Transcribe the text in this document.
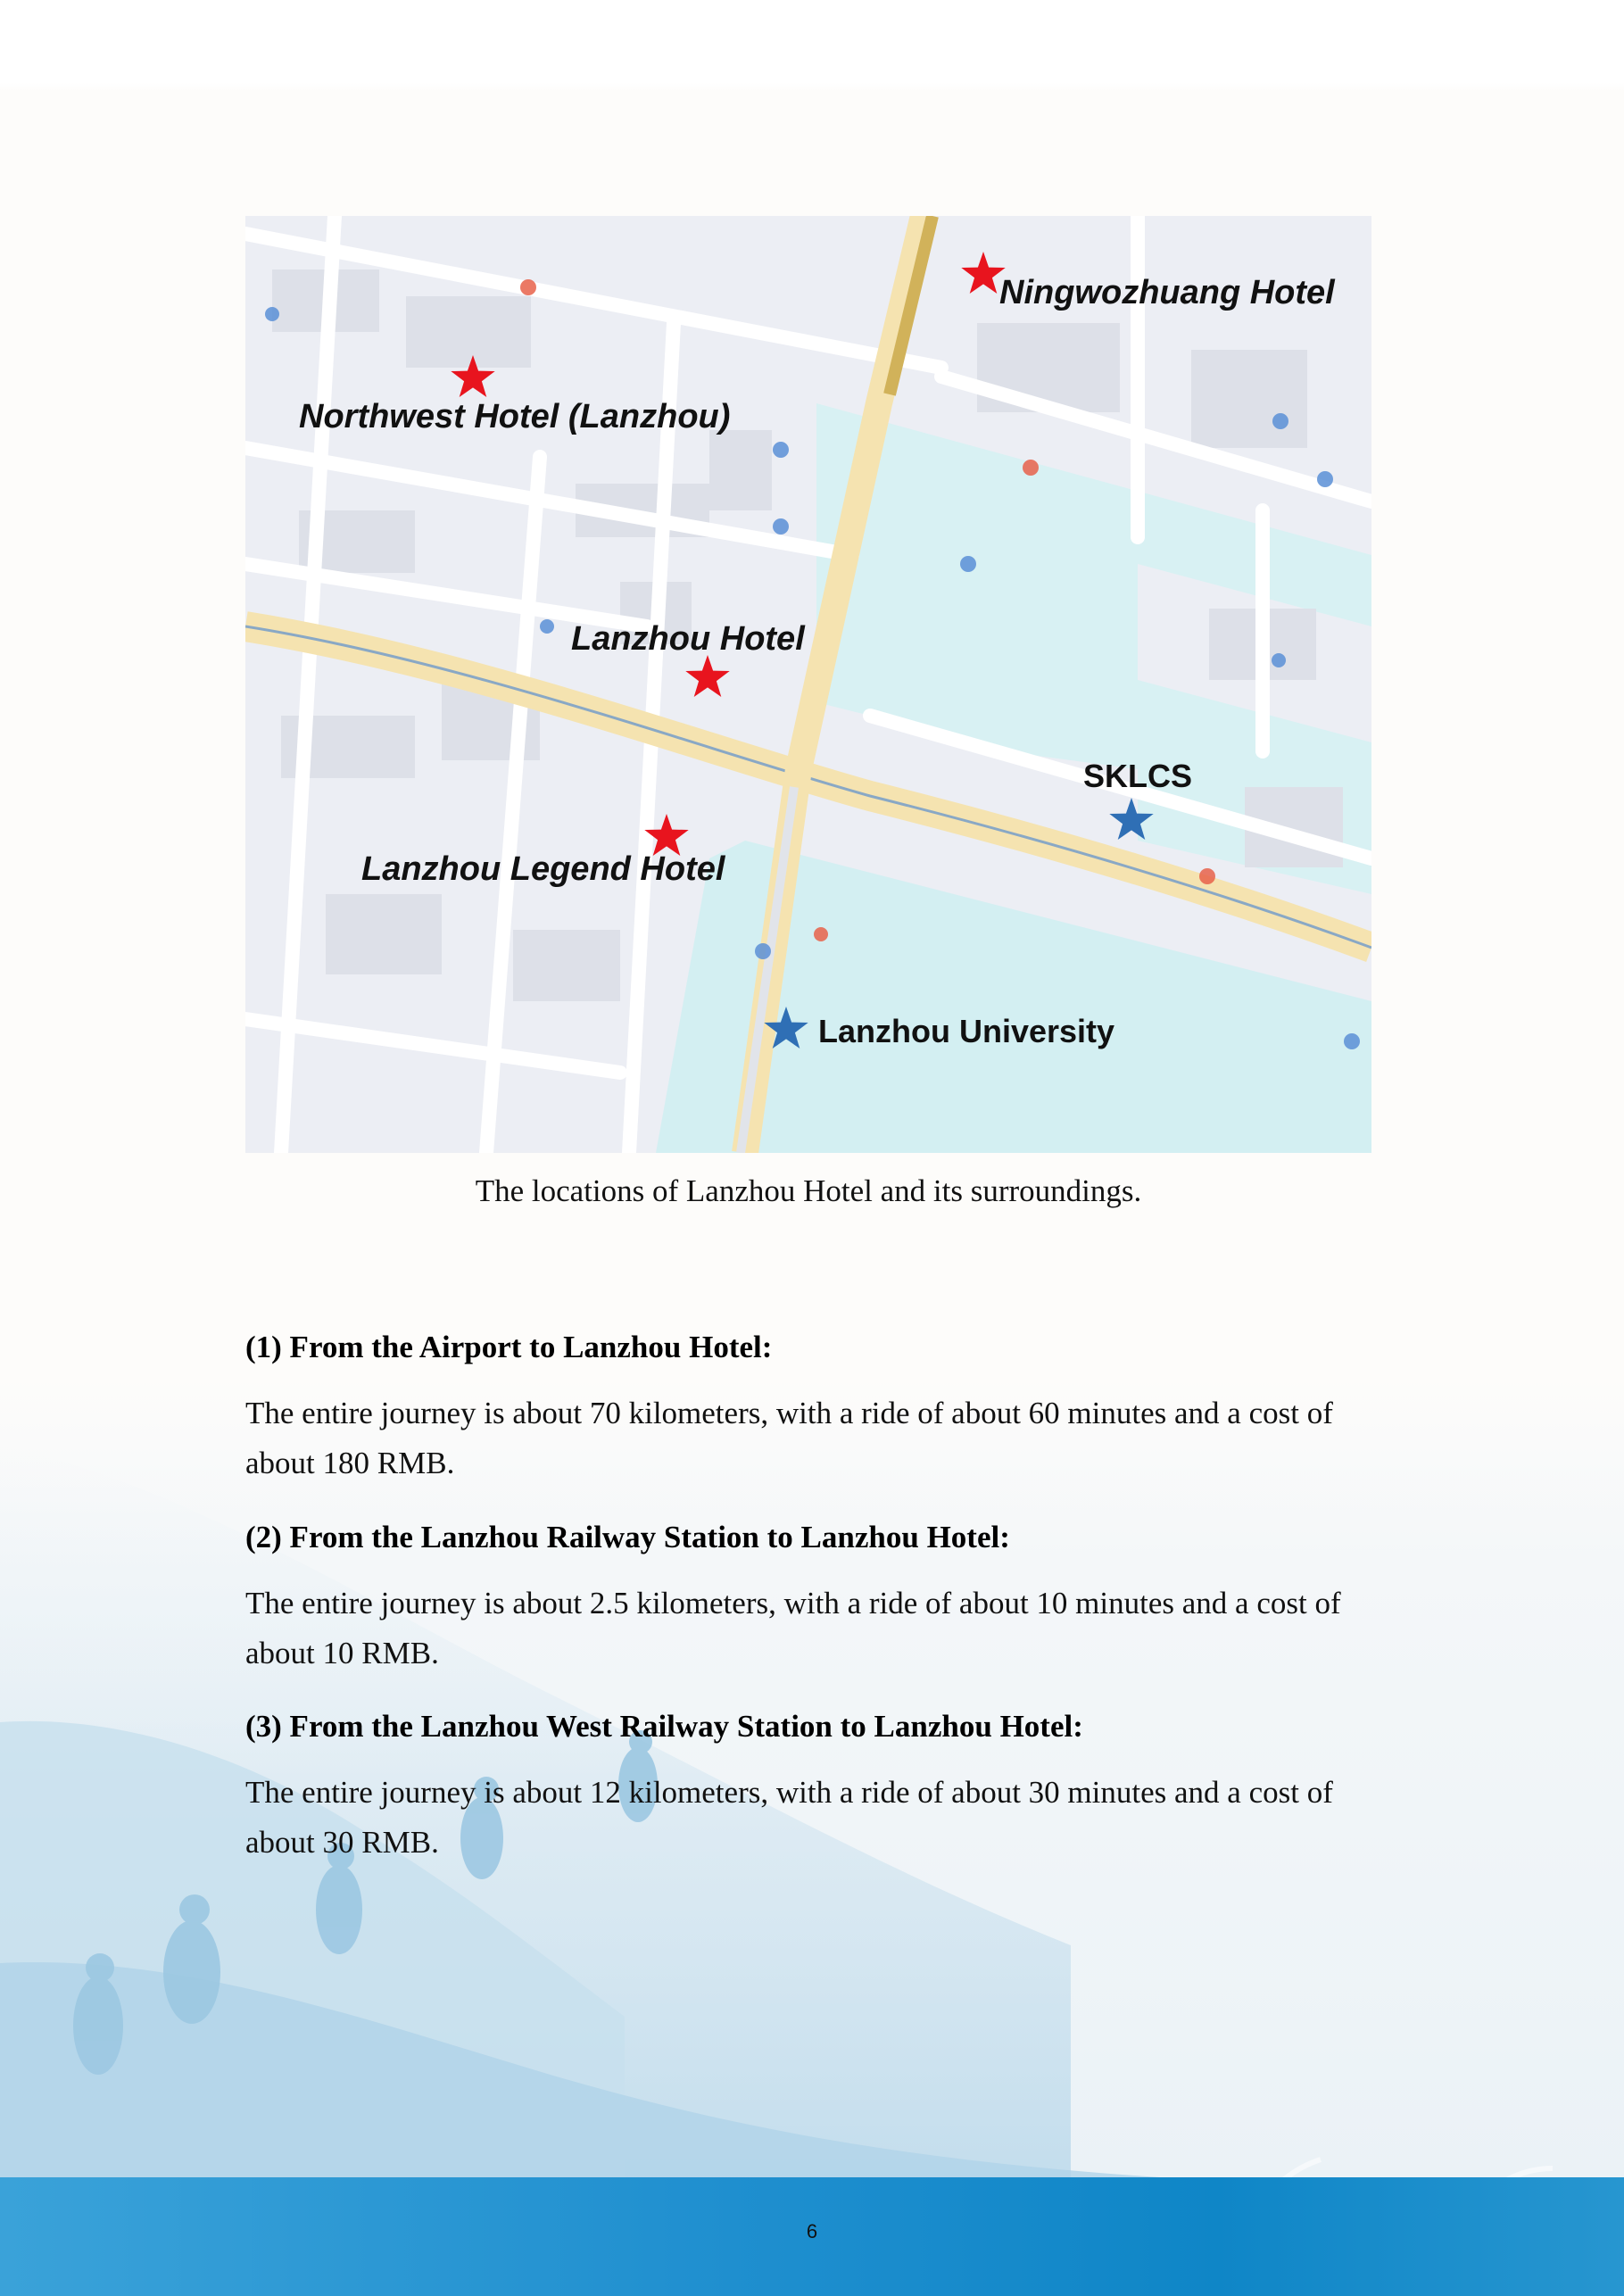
6
Northwest Hotel (Lanzhou)
Ningwozhuang Hotel
Lanzhou Hotel
Lanzhou Legend Hotel
SKLCS
Lanzhou University
The locations of Lanzhou Hotel and its surroundings.
(1) From the Airport to Lanzhou Hotel:
The entire journey is about 70 kilometers, with a ride of about 60 minutes and a cost of about 180 RMB.
(2) From the Lanzhou Railway Station to Lanzhou Hotel:
The entire journey is about 2.5 kilometers, with a ride of about 10 minutes and a cost of about 10 RMB.
(3) From the Lanzhou West Railway Station to Lanzhou Hotel:
The entire journey is about 12 kilometers, with a ride of about 30 minutes and a cost of about 30 RMB.
